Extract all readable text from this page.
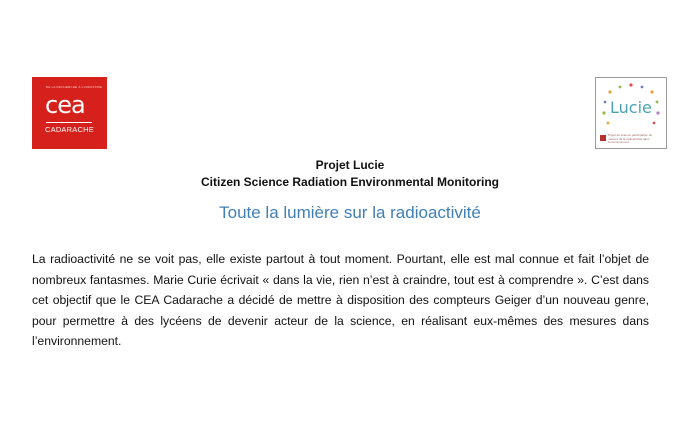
DE LA RECHERCHE À L'INDUSTRIE
cea
CADARACHE
Lucie
Projet de science participative de mesure de la radioactivité dans l'environnement
Projet Lucie
Citizen Science Radiation Environmental Monitoring
Toute la lumière sur la radioactivité
La radioactivité ne se voit pas, elle existe partout à tout moment. Pourtant, elle est mal connue et fait l’objet de nombreux fantasmes. Marie Curie écrivait « dans la vie, rien n’est à craindre, tout est à comprendre ». C’est dans cet objectif que le CEA Cadarache a décidé de mettre à disposition des compteurs Geiger d’un nouveau genre, pour permettre à des lycéens de devenir acteur de la science, en réalisant eux-mêmes des mesures dans l’environnement.
